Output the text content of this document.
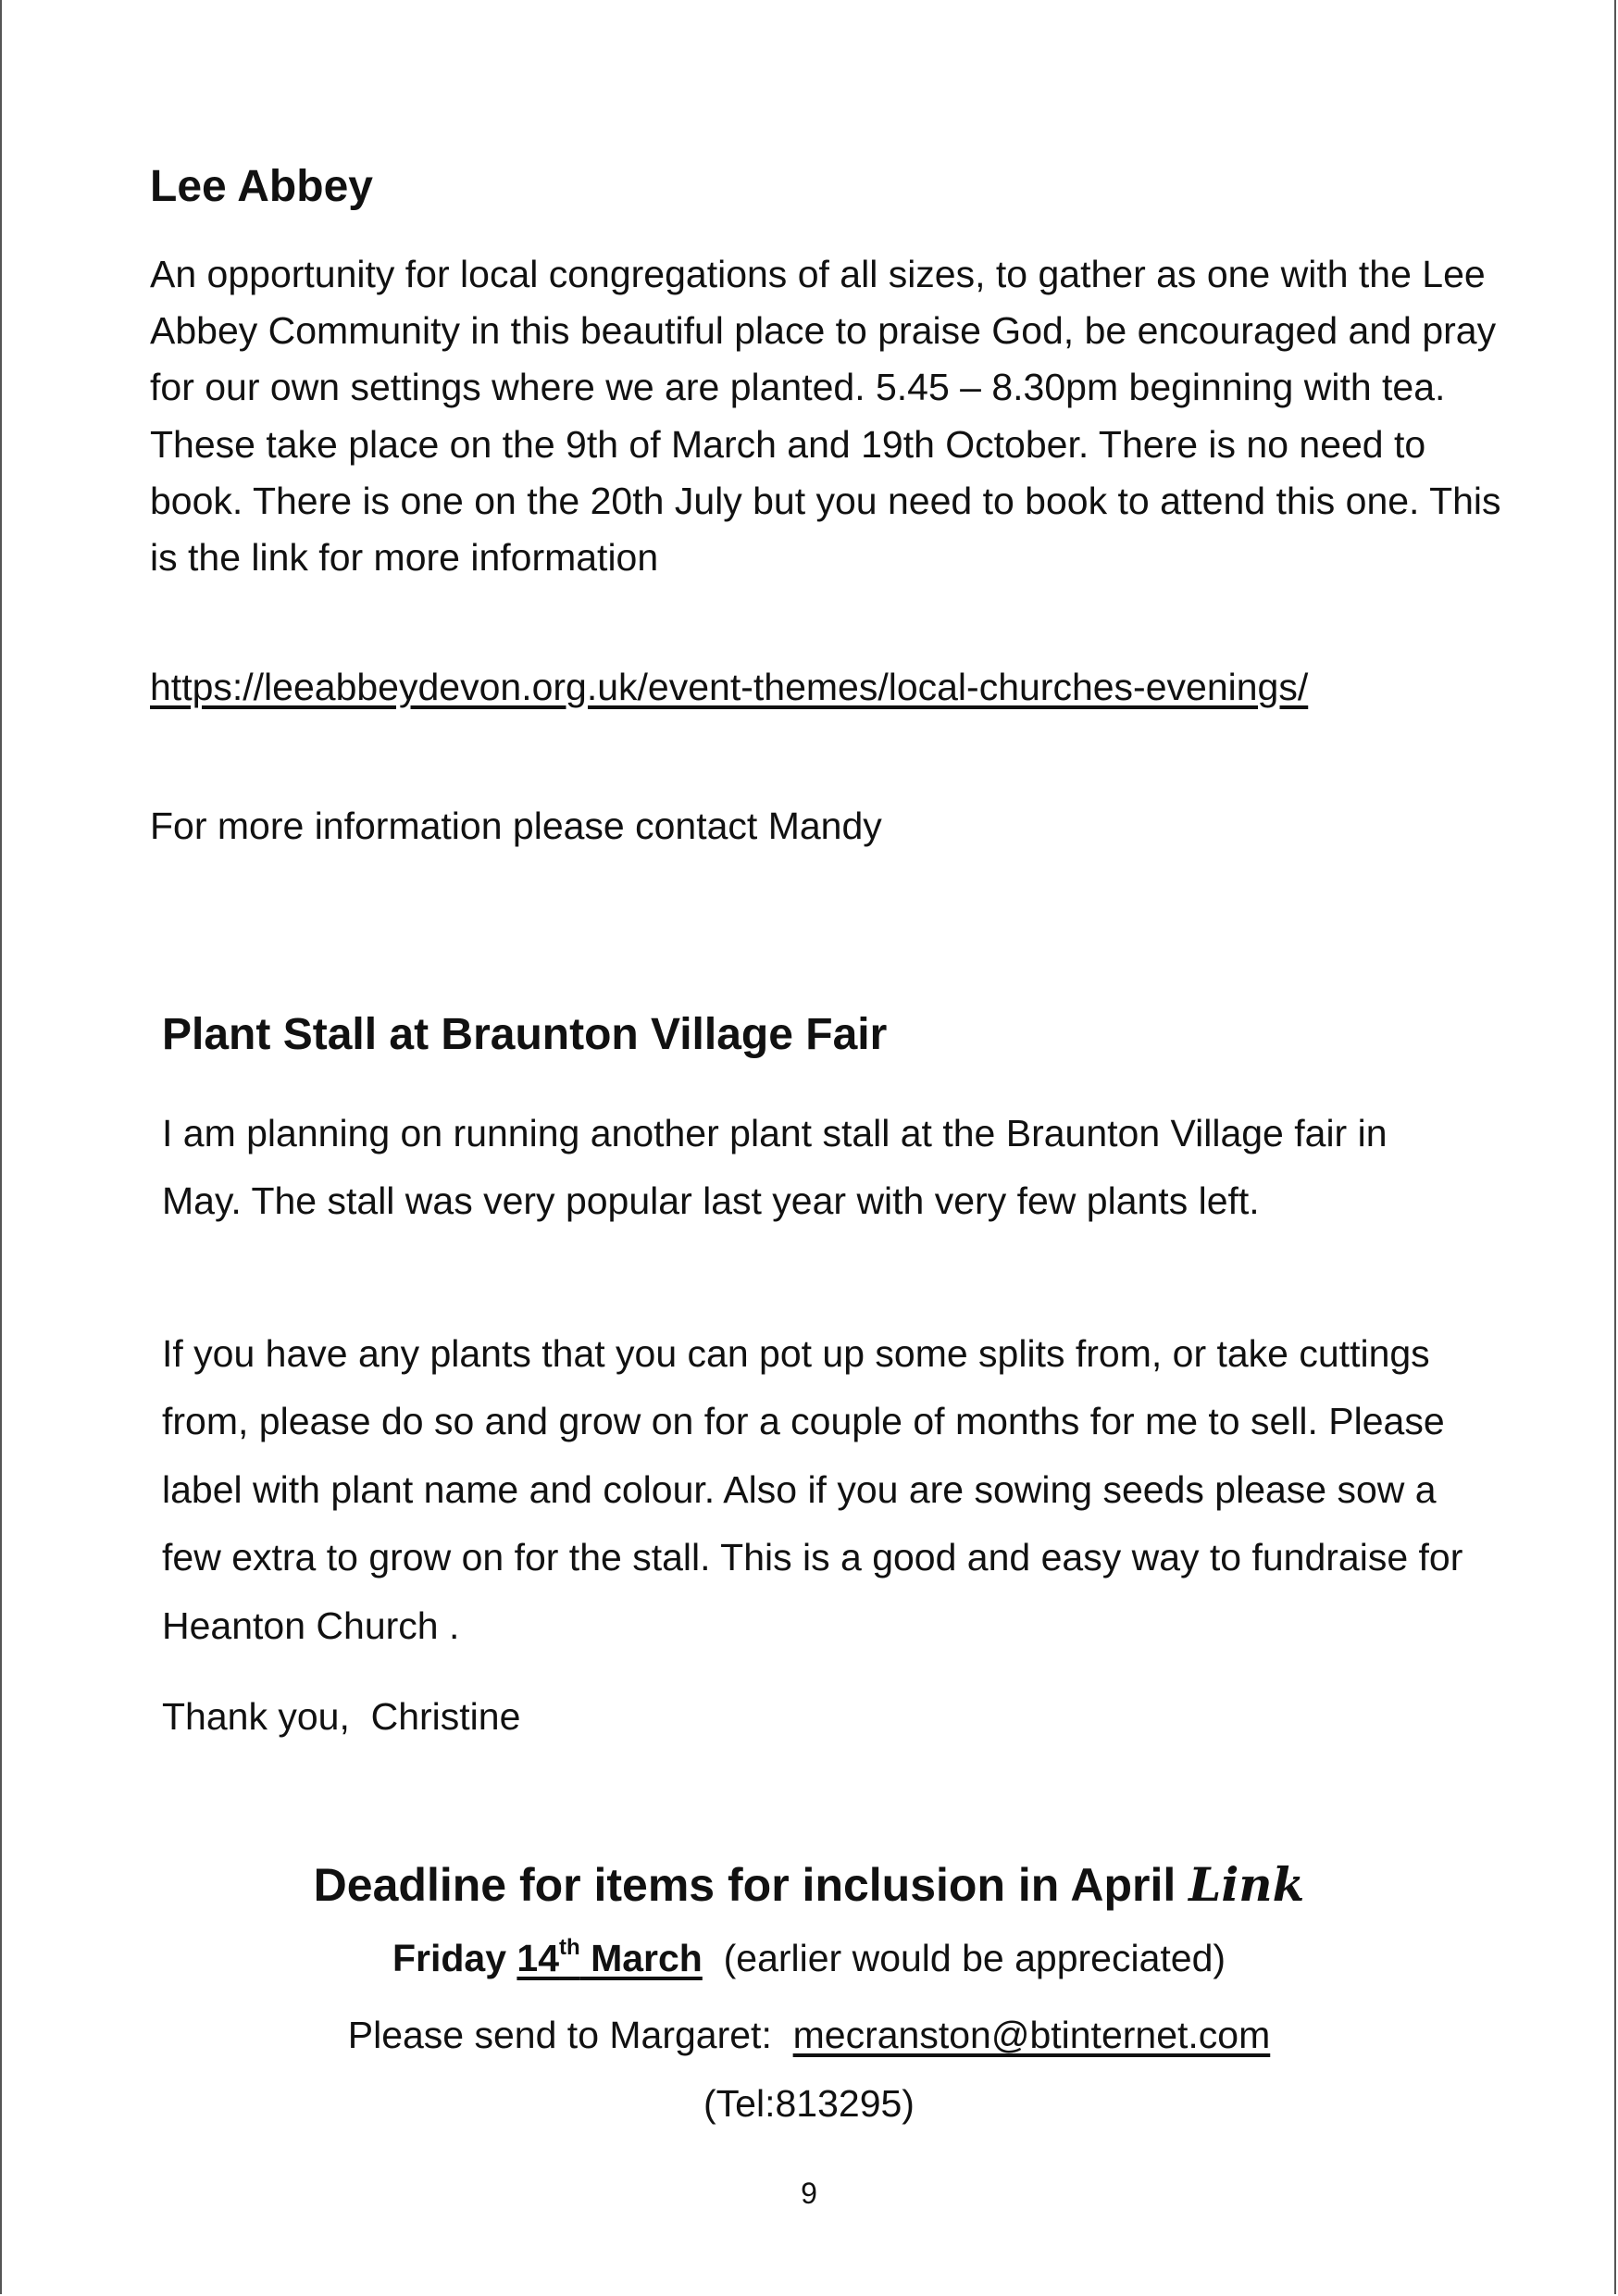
Lee Abbey

An opportunity for local congregations of all sizes, to gather as one with the Lee Abbey Community in this beautiful place to praise God, be encouraged and pray for our own settings where we are planted. 5.45 – 8.30pm beginning with tea. These take place on the 9th of March and 19th October. There is no need to book. There is one on the 20th July but you need to book to attend this one. This is the link for more information

https://leeabbeydevon.org.uk/event-themes/local-churches-evenings/

For more information please contact Mandy

Plant Stall at Braunton Village Fair

I am planning on running another plant stall at the Braunton Village fair in May. The stall was very popular last year with very few plants left.

If you have any plants that you can pot up some splits from, or take cuttings from, please do so and grow on for a couple of months for me to sell. Please label with plant name and colour. Also if you are sowing seeds please sow a few extra to grow on for the stall. This is a good and easy way to fundraise for Heanton Church .

Thank you,  Christine

Deadline for items for inclusion in April Link
Friday 14th March  (earlier would be appreciated)
Please send to Margaret:  mecranston@btinternet.com
(Tel:813295)
9
